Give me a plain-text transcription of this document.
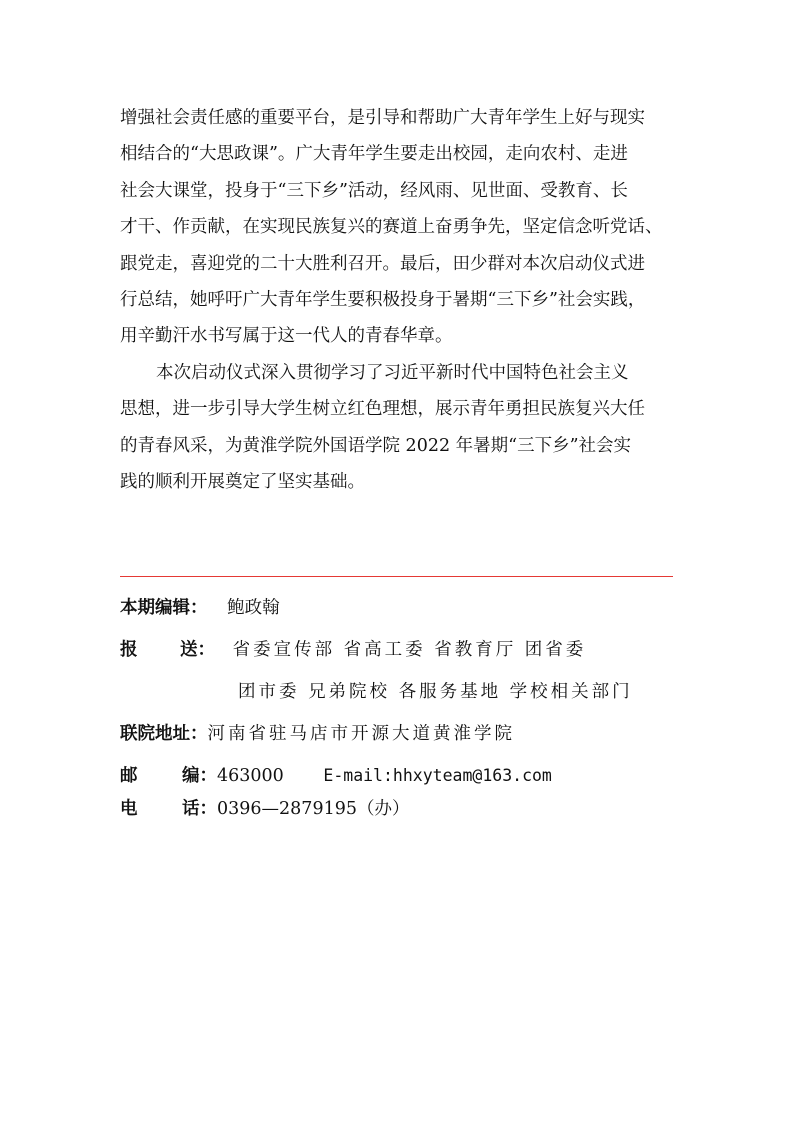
增强社会责任感的重要平台，是引导和帮助广大青年学生上好与现实
相结合的“大思政课”。广大青年学生要走出校园，走向农村、走进
社会大课堂，投身于“三下乡”活动，经风雨、见世面、受教育、长
才干、作贡献，在实现民族复兴的赛道上奋勇争先，坚定信念听党话、
跟党走，喜迎党的二十大胜利召开。最后，田少群对本次启动仪式进
行总结，她呼吁广大青年学生要积极投身于暑期“三下乡”社会实践，
用辛勤汗水书写属于这一代人的青春华章。

本次启动仪式深入贯彻学习了习近平新时代中国特色社会主义
思想，进一步引导大学生树立红色理想，展示青年勇担民族复兴大任
的青春风采，为黄淮学院外国语学院 2022 年暑期“三下乡”社会实
践的顺利开展奠定了坚实基础。

本期编辑： 鲍政翰
报 送： 省委宣传部 省高工委 省教育厅 团省委
团市委 兄弟院校 各服务基地 学校相关部门
联院地址：河南省驻马店市开源大道黄淮学院
邮	编：463000 E-mail:hhxyteam@163.com
电	话：0396—2879195（办）
